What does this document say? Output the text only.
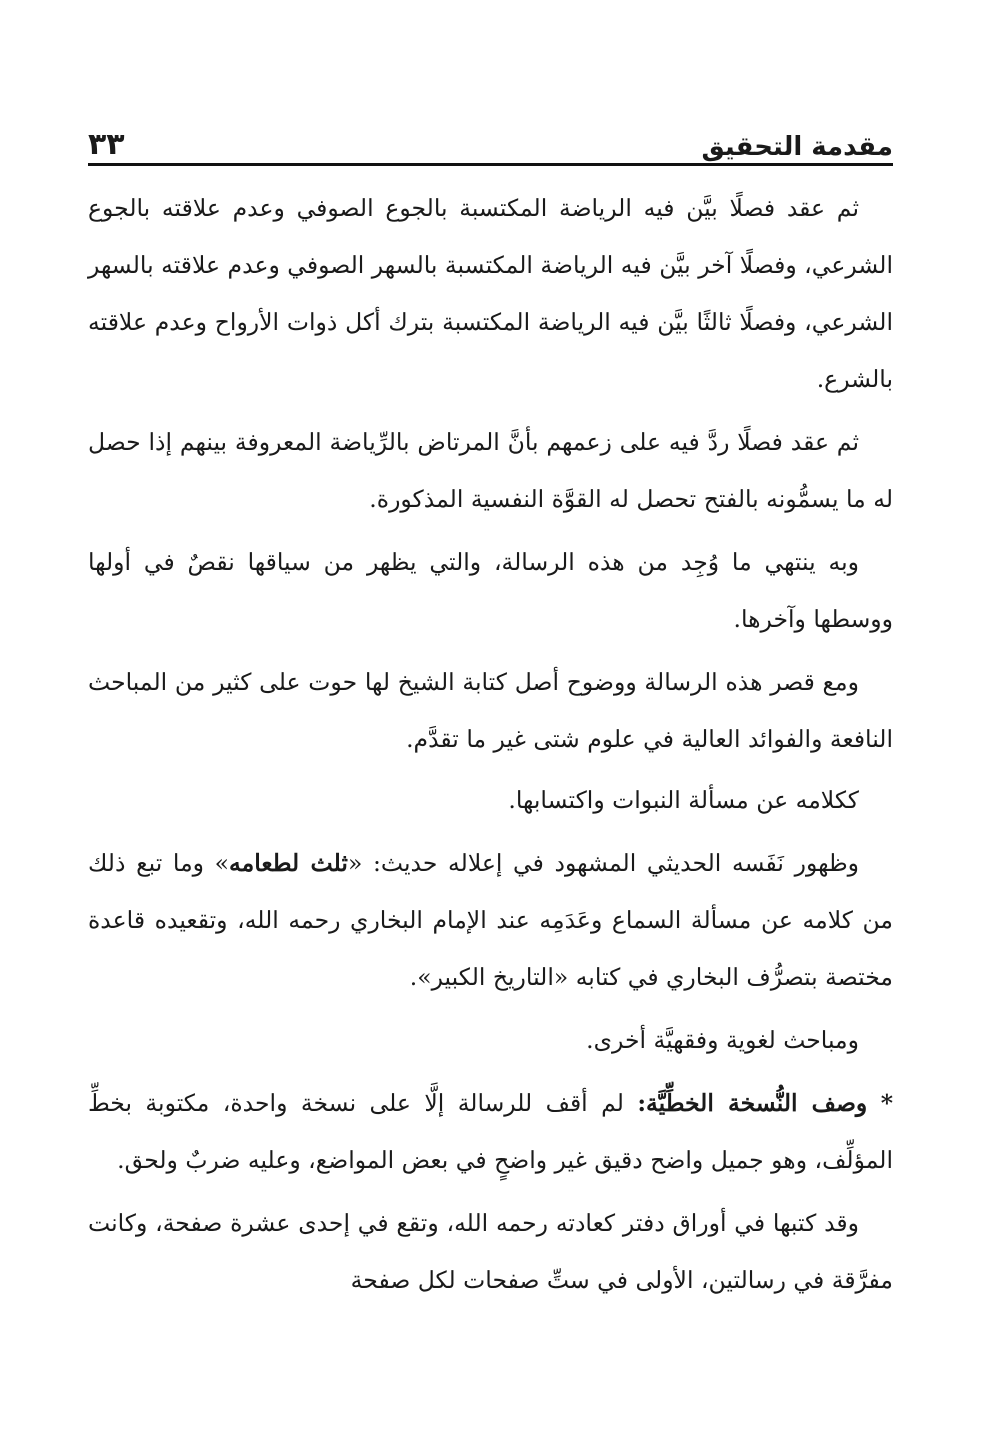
مقدمة التحقيق
٣٣

ثم عقد فصلًا بيَّن فيه الرياضة المكتسبة بالجوع الصوفي وعدم علاقته بالجوع الشرعي، وفصلًا آخر بيَّن فيه الرياضة المكتسبة بالسهر الصوفي وعدم علاقته بالسهر الشرعي، وفصلًا ثالثًا بيَّن فيه الرياضة المكتسبة بترك أكل ذوات الأرواح وعدم علاقته بالشرع.

ثم عقد فصلًا ردَّ فيه على زعمهم بأنَّ المرتاض بالرِّياضة المعروفة بينهم إذا حصل له ما يسمُّونه بالفتح تحصل له القوَّة النفسية المذكورة.

وبه ينتهي ما وُجِد من هذه الرسالة، والتي يظهر من سياقها نقصٌ في أولها ووسطها وآخرها.

ومع قصر هذه الرسالة ووضوح أصل كتابة الشيخ لها حوت على كثير من المباحث النافعة والفوائد العالية في علوم شتى غير ما تقدَّم.

ككلامه عن مسألة النبوات واكتسابها.

وظهور نَفَسه الحديثي المشهود في إعلاله حديث: «ثلث لطعامه» وما تبع ذلك من كلامه عن مسألة السماع وعَدَمِه عند الإمام البخاري رحمه الله، وتقعيده قاعدة مختصة بتصرُّف البخاري في كتابه «التاريخ الكبير».

ومباحث لغوية وفقهيَّة أخرى.

* وصف النُّسخة الخطِّيَّة: لم أقف للرسالة إلَّا على نسخة واحدة، مكتوبة بخطِّ المؤلِّف، وهو جميل واضح دقيق غير واضحٍ في بعض المواضع، وعليه ضربٌ ولحق.

وقد كتبها في أوراق دفتر كعادته رحمه الله، وتقع في إحدى عشرة صفحة، وكانت مفرَّقة في رسالتين، الأولى في ستِّ صفحات لكل صفحة
